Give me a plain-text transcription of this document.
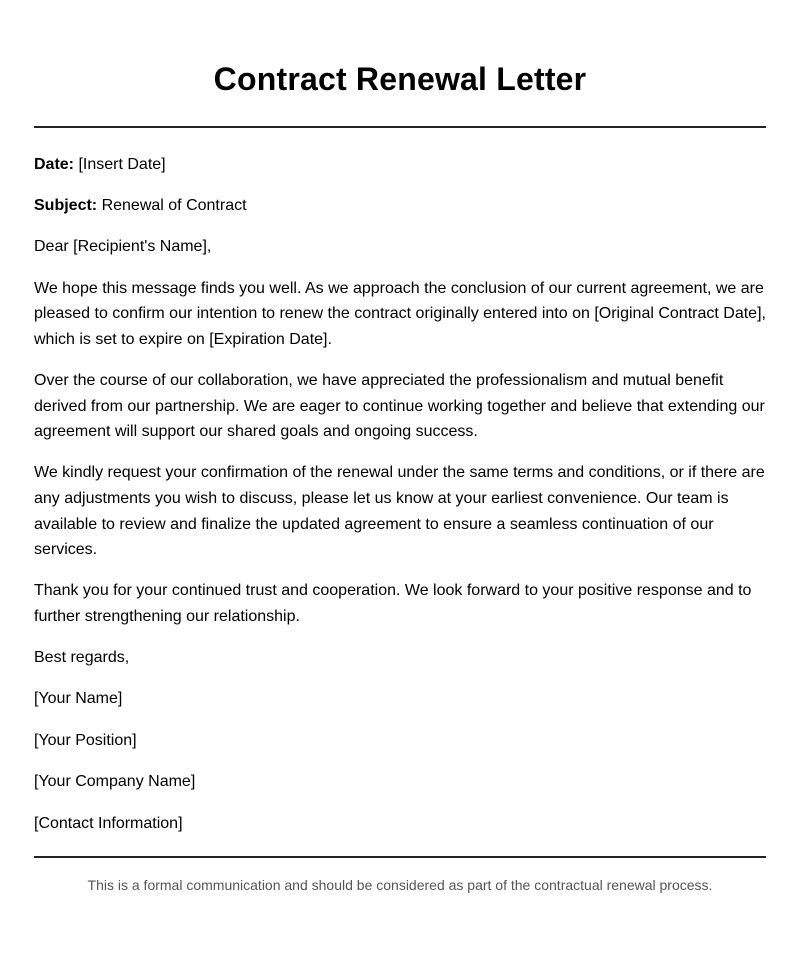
Contract Renewal Letter

Date: [Insert Date]

Subject: Renewal of Contract

Dear [Recipient's Name],

We hope this message finds you well. As we approach the conclusion of our current agreement, we are pleased to confirm our intention to renew the contract originally entered into on [Original Contract Date], which is set to expire on [Expiration Date].

Over the course of our collaboration, we have appreciated the professionalism and mutual benefit derived from our partnership. We are eager to continue working together and believe that extending our agreement will support our shared goals and ongoing success.

We kindly request your confirmation of the renewal under the same terms and conditions, or if there are any adjustments you wish to discuss, please let us know at your earliest convenience. Our team is available to review and finalize the updated agreement to ensure a seamless continuation of our services.

Thank you for your continued trust and cooperation. We look forward to your positive response and to further strengthening our relationship.

Best regards,

[Your Name]

[Your Position]

[Your Company Name]

[Contact Information]

This is a formal communication and should be considered as part of the contractual renewal process.
